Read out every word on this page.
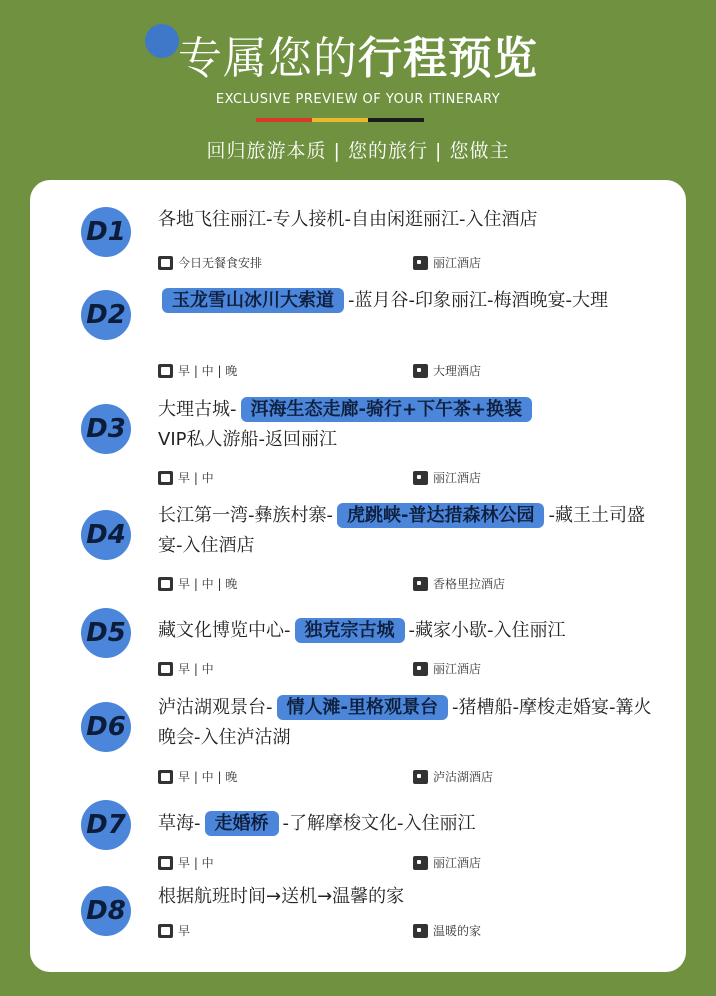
专属您的行程预览
EXCLUSIVE PREVIEW OF YOUR ITINERARY
回归旅游本质 | 您的旅行 | 您做主
D1 各地飞往丽江-专人接机-自由闲逛丽江-入住酒店
今日无餐食安排	丽江酒店
D2	玉龙雪山冰川大索道 -蓝月谷-印象丽江-梅酒晚宴-大理
早 | 中 | 晚	大理酒店
D3
大理古城- 洱海生态走廊-骑行+下午茶+换装
VIP私人游船-返回丽江
早 | 中	丽江酒店
D4
长江第一湾-彝族村寨- 虎跳峡-普达措森林公园 -藏王土司盛宴-入住酒店
早 | 中 | 晚	香格里拉酒店
D5 藏文化博览中心- 独克宗古城 -藏家小歇-入住丽江
早 | 中	丽江酒店
D6
泸沽湖观景台- 情人滩-里格观景台 -猪槽船-摩梭走婚宴-篝火晚会-入住泸沽湖
早 | 中 | 晚	泸沽湖酒店
D7 草海- 走婚桥 -了解摩梭文化-入住丽江
早 | 中	丽江酒店
D8 根据航班时间→送机→温馨的家
早	温暖的家
